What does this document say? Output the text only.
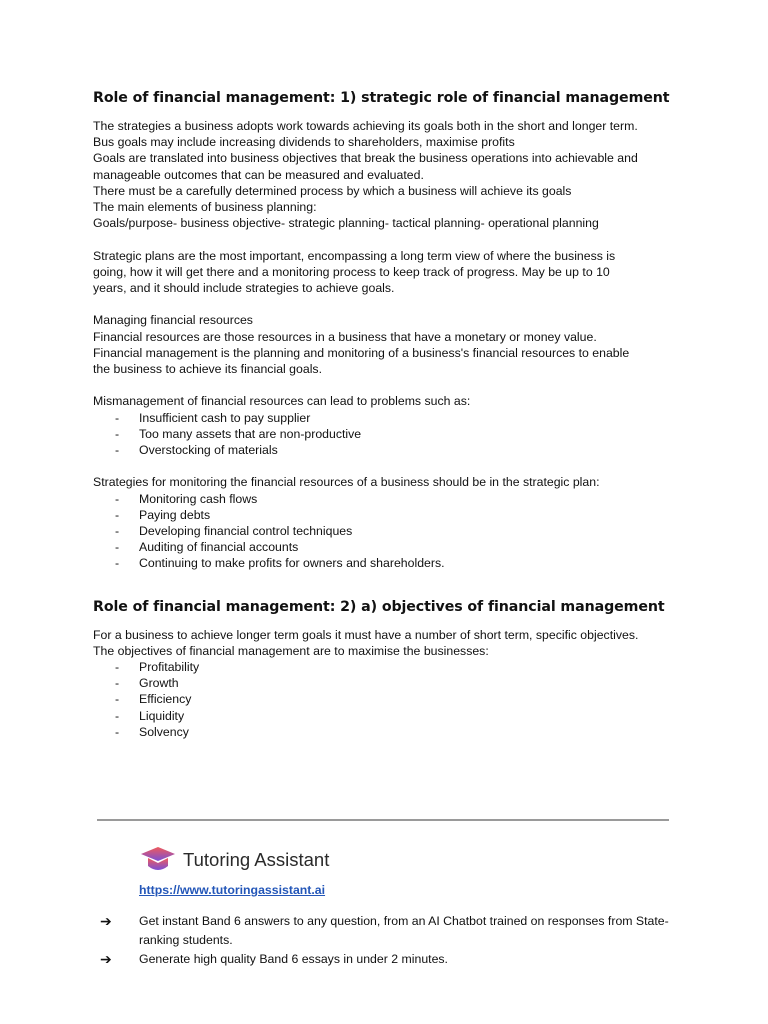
Role of financial management: 1) strategic role of financial management

The strategies a business adopts work towards achieving its goals both in the short and longer term.

Bus goals may include increasing dividends to shareholders, maximise profits

Goals are translated into business objectives that break the business operations into achievable and

manageable outcomes that can be measured and evaluated.

There must be a carefully determined process by which a business will achieve its goals

The main elements of business planning:

Goals/purpose- business objective- strategic planning- tactical planning- operational planning

Strategic plans are the most important, encompassing a long term view of where the business is

going, how it will get there and a monitoring process to keep track of progress. May be up to 10

years, and it should include strategies to achieve goals.

Managing financial resources

Financial resources are those resources in a business that have a monetary or money value.

Financial management is the planning and monitoring of a business's financial resources to enable

the business to achieve its financial goals.

Mismanagement of financial resources can lead to problems such as:

- Insufficient cash to pay supplier
- Too many assets that are non-productive
- Overstocking of materials

Strategies for monitoring the financial resources of a business should be in the strategic plan:

- Monitoring cash flows
- Paying debts
- Developing financial control techniques
- Auditing of financial accounts
- Continuing to make profits for owners and shareholders.
Role of financial management: 2) a) objectives of financial management

For a business to achieve longer term goals it must have a number of short term, specific objectives.

The objectives of financial management are to maximise the businesses:

- Profitability
- Growth
- Efficiency
- Liquidity
- Solvency
Tutoring Assistant
https://www.tutoringassistant.ai
➔ Get instant Band 6 answers to any question, from an AI Chatbot trained on responses from State-ranking students.
➔ Generate high quality Band 6 essays in under 2 minutes.
